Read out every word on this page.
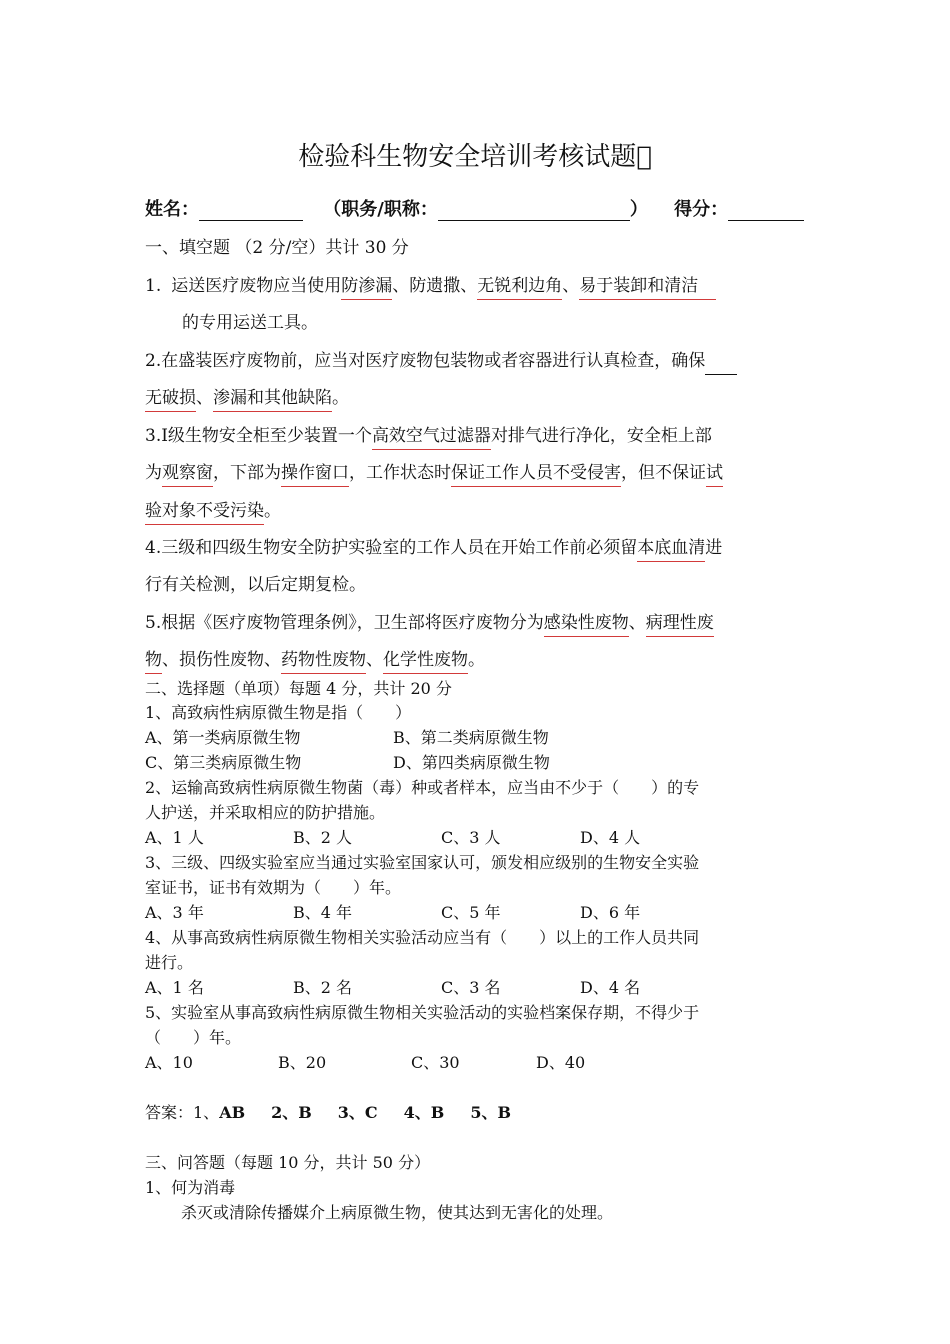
检验科生物安全培训考核试题 
姓名：	（职务/职称：	） 得分：
一、填空题 （2 分/空）共计 30 分
1. 运送医疗废物应当使用防渗漏、防遗撒、无锐利边角、易于装卸和清洁
的专用运送工具。
2.在盛装医疗废物前，应当对医疗废物包装物或者容器进行认真检查，确保
无破损、渗漏和其他缺陷。
3.Ⅰ级生物安全柜至少装置一个高效空气过滤器对排气进行净化，安全柜上部
为观察窗，下部为操作窗口，工作状态时保证工作人员不受侵害，但不保证试
验对象不受污染。
4.三级和四级生物安全防护实验室的工作人员在开始工作前必须留本底血清进
行有关检测，以后定期复检。
5.根据《医疗废物管理条例》，卫生部将医疗废物分为感染性废物、病理性废
物、损伤性废物、药物性废物、化学性废物。
二、选择题（单项）每题 4 分，共计 20 分
1、高致病性病原微生物是指（　　）
A、第一类病原微生物	B、第二类病原微生物
C、第三类病原微生物	D、第四类病原微生物
2、运输高致病性病原微生物菌（毒）种或者样本，应当由不少于（　　）的专
人护送，并采取相应的防护措施。
A、1 人	B、2 人	C、3 人	D、4 人
3、三级、四级实验室应当通过实验室国家认可，颁发相应级别的生物安全实验
室证书，证书有效期为（　　）年。
A、3 年	B、4 年	C、5 年	D、6 年
4、从事高致病性病原微生物相关实验活动应当有（　　）以上的工作人员共同
进行。
A、1 名	B、2 名	C、3 名	D、4 名
5、实验室从事高致病性病原微生物相关实验活动的实验档案保存期，不得少于
（　　）年。
A、10	B、20	C、30	D、40
答案：1、AB 2、B 3、C 4、B 5、B
三、问答题（每题 10 分，共计 50 分）
1、何为消毒
杀灭或清除传播媒介上病原微生物，使其达到无害化的处理。
